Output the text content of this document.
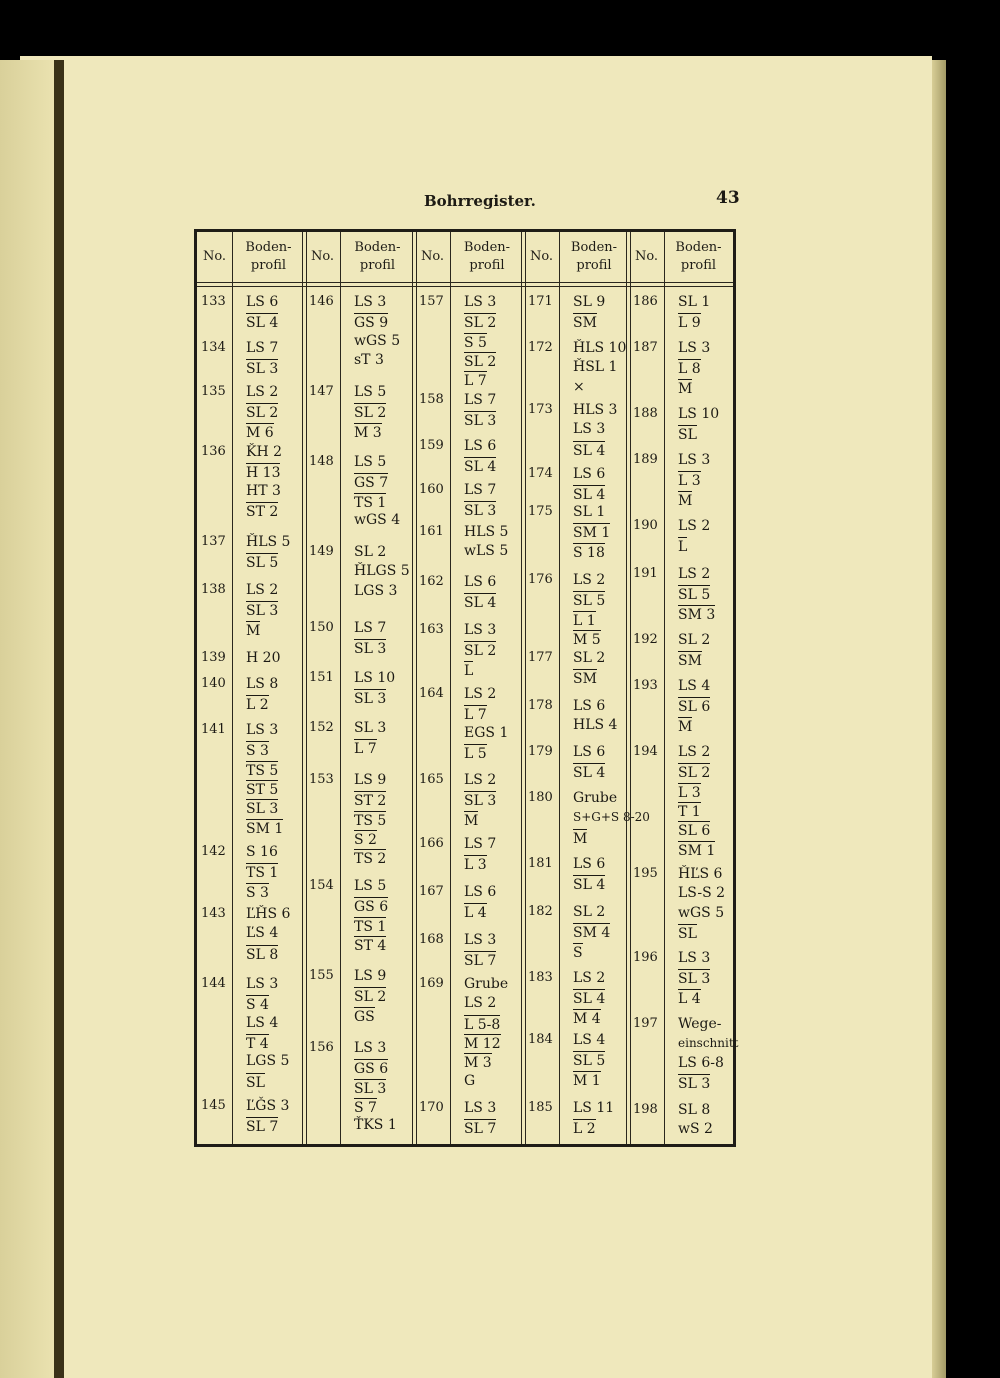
Bohrregister.	43
No.
Boden-
profil
133 LS 6
SL 4
134 LS 7
SL 3
135 LS 2
SL 2
M 6
136 ǨH 2
H 13
HT 3
ST 2
137 ȞLS 5
SL 5
138 LS 2
SL 3
M
139 H 20
140 LS 8
L 2
141 LS 3
S 3
TS 5
ST 5
SL 3
SM 1
142 S 16
TS 1
S 3
143 ĽȞS 6
ĽS 4
SL 8
144 LS 3
S 4
LS 4
T 4
LGS 5
SL
145 ĽǦS 3
SL 7
No.
Boden-
profil
146 LS 3
GS 9
wGS 5
sT 3
147 LS 5
SL 2
M 3
148 LS 5
GS 7
TS 1
wGS 4
149 SL 2
ȞLGS 5
LGS 3
150 LS 7
SL 3
151 LS 10
SL 3
152 SL 3
L 7
153 LS 9
ST 2
TS 5
S 2
TS 2
154 LS 5
GS 6
TS 1
ST 4
155 LS 9
SL 2
GS
156 LS 3
GS 6
SL 3
S 7
ŤKS 1
No.
Boden-
profil
157 LS 3
SL 2
S 5
SL 2
L 7
158 LS 7
SL 3
159 LS 6
SL 4
160 LS 7
SL 3
161 HLS 5
wLS 5
162 LS 6
SL 4
163 LS 3
SL 2
L
164 LS 2
L 7
EGS 1
L 5
165 LS 2
SL 3
M
166 LS 7
L 3
167 LS 6
L 4
168 LS 3
SL 7
169 Grube
LS 2
L 5-8
M 12
M 3
G
170 LS 3
SL 7
No.
Boden-
profil
171 SL 9
SM
172 ȞLS 10
ȞSL 1
×
173 HLS 3
LS 3
SL 4
174 LS 6
SL 4
175 SL 1
SM 1
S 18
176 LS 2
SL 5
L 1
M 5
177 SL 2
SM
178 LS 6
HLS 4
179 LS 6
SL 4
180 Grube
S+G+S 8-20
M
181 LS 6
SL 4
182 SL 2
SM 4
S
183 LS 2
SL 4
M 4
184 LS 4
SL 5
M 1
185 LS 11
L 2
No.
Boden-
profil
186 SL 1
L 9
187 LS 3
L 8
M
188 LS 10
SL
189 LS 3
L 3
M
190 LS 2
L
191 LS 2
SL 5
SM 3
192 SL 2
SM
193 LS 4
SL 6
M
194 LS 2
SL 2
L 3
T 1
SL 6
SM 1
195 ȞĽS 6
LS-S 2
wGS 5
SL
196 LS 3
SL 3
L 4
197 Wege-
einschnitt
LS 6-8
SL 3
198 SL 8
wS 2
